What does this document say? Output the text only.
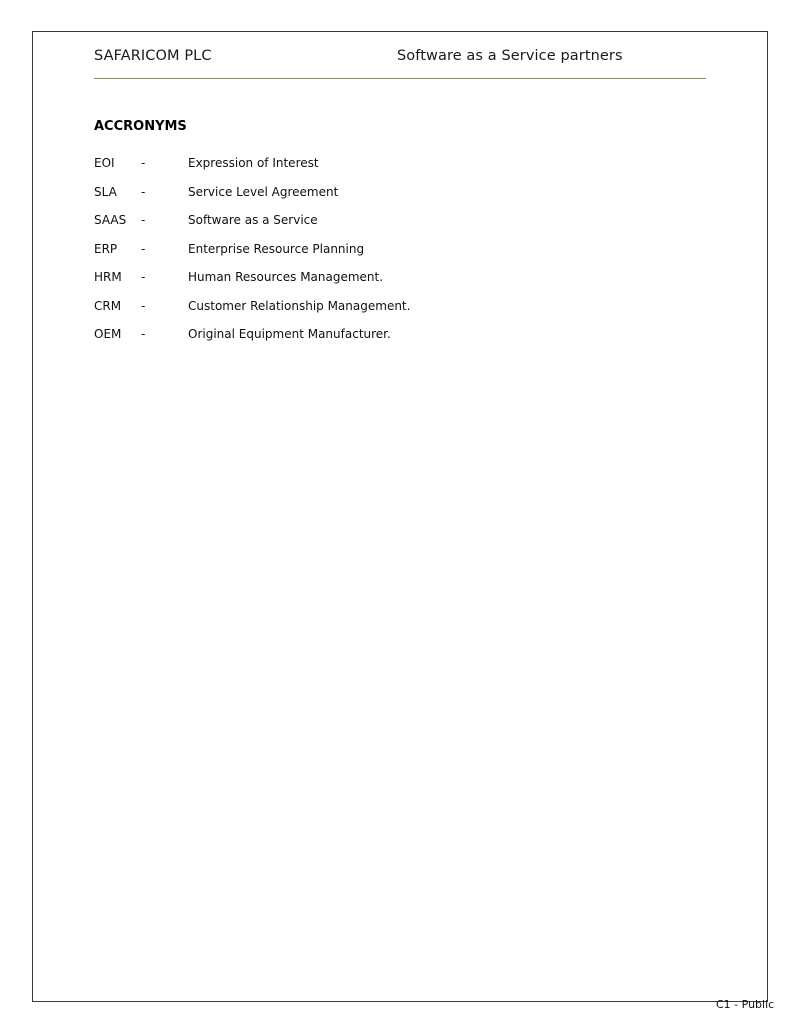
SAFARICOM PLC	Software as a Service partners
ACCRONYMS
EOI -	Expression of Interest
SLA -	Service Level Agreement
SAAS -	Software as a Service
ERP -	Enterprise Resource Planning
HRM -	Human Resources Management.
CRM -	Customer Relationship Management.
OEM -	Original Equipment Manufacturer.
C1 - Public
